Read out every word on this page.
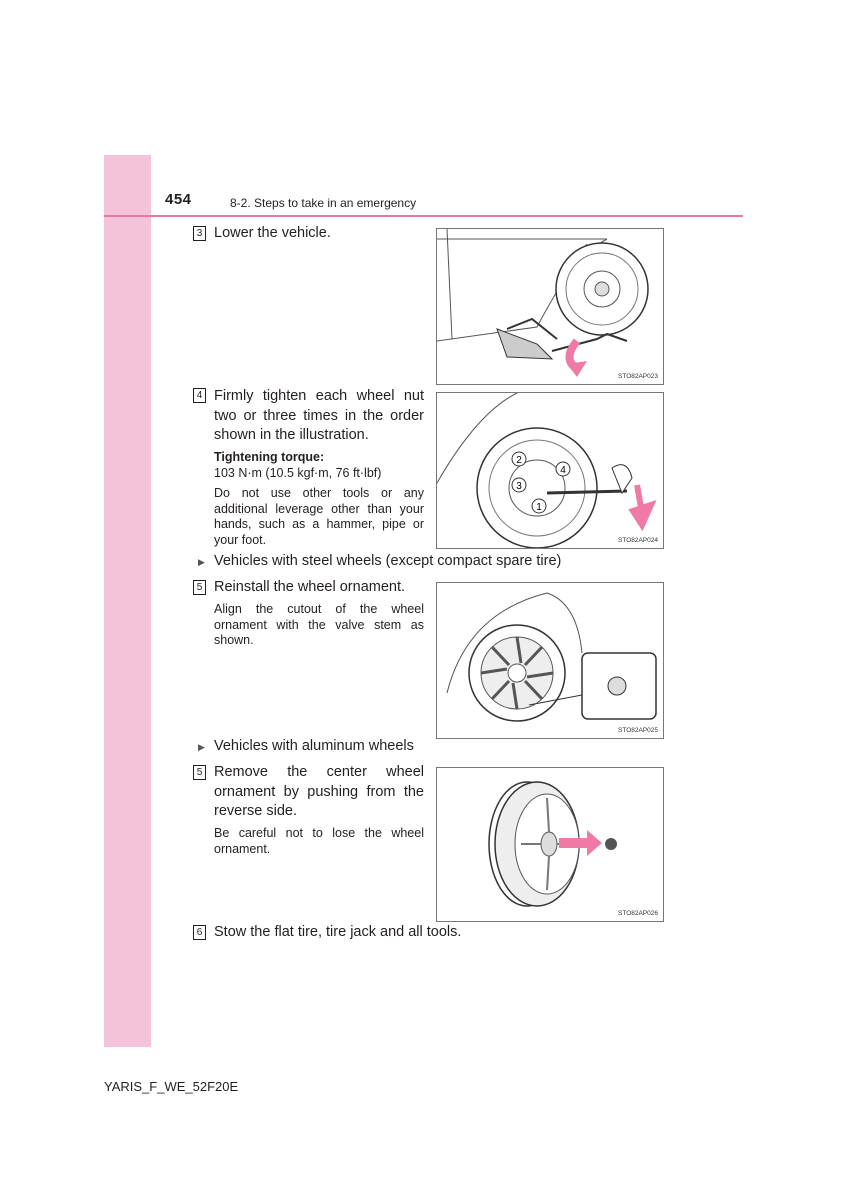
454	8-2. Steps to take in an emergency
3 Lower the vehicle.
STO82AP023
4 Firmly tighten each wheel nut two or three times in the order shown in the illustration.
Tightening torque:
103 N·m (10.5 kgf·m, 76 ft·lbf)
Do not use other tools or any additional leverage other than your hands, such as a hammer, pipe or your foot.
1
2
3
4
STO82AP024
▶ Vehicles with steel wheels (except compact spare tire)
5 Reinstall the wheel ornament.
Align the cutout of the wheel ornament with the valve stem as shown.
STO82AP025
▶ Vehicles with aluminum wheels
5 Remove the center wheel ornament by pushing from the reverse side.
Be careful not to lose the wheel ornament.
STO82AP026
6 Stow the flat tire, tire jack and all tools.
YARIS_F_WE_52F20E
